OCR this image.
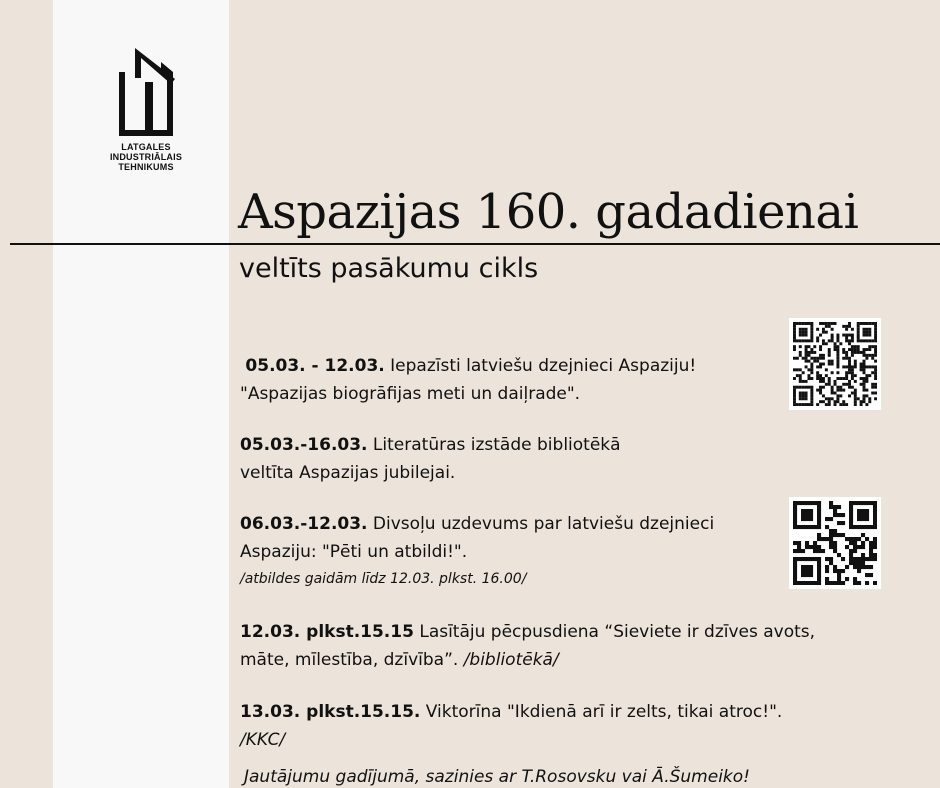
LATGALES
INDUSTRIĀLAIS
TEHNIKUMS
Aspazijas 160. gadadienai
veltīts pasākumu cikls

05.03. - 12.03. Iepazīsti latviešu dzejnieci Aspaziju!

"Aspazijas biogrāfijas meti un daiļrade".

05.03.-16.03. Literatūras izstāde bibliotēkā

veltīta Aspazijas jubilejai.

06.03.-12.03. Divsoļu uzdevums par latviešu dzejnieci

Aspaziju: "Pēti un atbildi!".

/atbildes gaidām līdz 12.03. plkst. 16.00/

12.03. plkst.15.15 Lasītāju pēcpusdiena “Sieviete ir dzīves avots,

māte, mīlestība, dzīvība”. /bibliotēkā/

13.03. plkst.15.15. Viktorīna "Ikdienā arī ir zelts, tikai atroc!".

/KKC/

Jautājumu gadījumā, sazinies ar T.Rosovsku vai Ā.Šumeiko!
